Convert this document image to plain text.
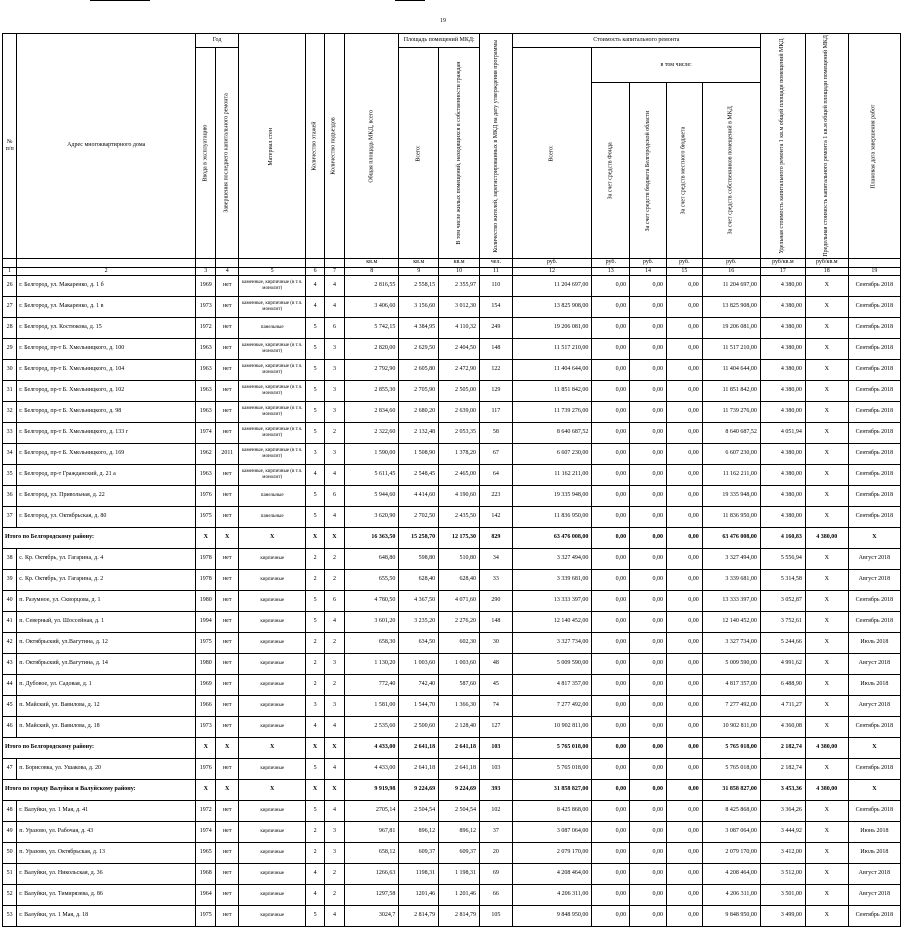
19
№ п/п	Адрес многоквартирного дома	Год		Материал стен	Количество этажей	Количество подъездов	Общая площадь МКД, всего	Площадь помещений МКД:		Количество жителей, зарегистрированных в МКД на дату утверждения программы	Стоимость капитального ремонта					Удельная стоимость капитального ремонта 1 кв.м общей площади помещений МКД	Предельная стоимость капитального ремонта 1 кв.м общей площади помещений МКД	Плановая дата завершения работ
		Ввода в эксплуатацию	Завершения последнего капитального ремонта					Всего:	В том числе жилых помещений, находящихся в собственности граждан		Всего:	в том числе:						
												За счет средств Фонда	За счет средств бюджета Белгородской области	За счет средств местного бюджета	За счет средств собственников помещений в МКД			
							кв.м	кв.м	кв.м	чел.	руб.	руб.	руб.	руб.	руб.	руб/кв.м	руб/кв.м	
1	2	3	4	5	6	7	8	9	10	11	12	13	14	15	16	17	18	19
26	г. Белгород, ул. Макаренко, д. 1 б	1969	нет	каменные, кирпичные (в т.ч. монолит)	4	4	2 816,55	2 558,15	2 355,97	110	11 204 697,00	0,00	0,00	0,00	11 204 697,00	4 380,00	X	Сентябрь 2018
27	г. Белгород, ул. Макаренко, д. 1 в	1973	нет	каменные, кирпичные (в т.ч. монолит)	4	4	3 406,60	3 156,60	3 012,30	154	13 825 908,00	0,00	0,00	0,00	13 825 908,00	4 380,00	X	Сентябрь 2018
28	г. Белгород, ул. Костюкова, д. 15	1972	нет	панельные	5	6	5 742,15	4 384,95	4 110,32	249	19 206 081,00	0,00	0,00	0,00	19 206 081,00	4 380,00	X	Сентябрь 2018
29	г. Белгород, пр-т Б. Хмельницкого, д. 100	1963	нет	каменные, кирпичные (в т.ч. монолит)	5	3	2 820,00	2 629,50	2 404,50	148	11 517 210,00	0,00	0,00	0,00	11 517 210,00	4 380,00	X	Сентябрь 2018
30	г. Белгород, пр-т Б. Хмельницкого, д. 104	1963	нет	каменные, кирпичные (в т.ч. монолит)	5	3	2 792,90	2 605,80	2 472,90	122	11 404 644,00	0,00	0,00	0,00	11 404 644,00	4 380,00	X	Сентябрь 2018
31	г. Белгород, пр-т Б. Хмельницкого, д. 102	1963	нет	каменные, кирпичные (в т.ч. монолит)	5	3	2 855,30	2 705,90	2 505,00	129	11 851 842,00	0,00	0,00	0,00	11 851 842,00	4 380,00	X	Сентябрь 2018
32	г. Белгород, пр-т Б. Хмельницкого, д. 98	1963	нет	каменные, кирпичные (в т.ч. монолит)	5	3	2 834,60	2 680,20	2 639,00	117	11 739 276,00	0,00	0,00	0,00	11 739 276,00	4 380,00	X	Сентябрь 2018
33	г. Белгород, пр-т Б. Хмельницкого, д. 133 г	1974	нет	каменные, кирпичные (в т.ч. монолит)	5	2	2 322,60	2 132,48	2 053,35	58	8 640 687,52	0,00	0,00	0,00	8 640 687,52	4 051,94	X	Сентябрь 2018
34	г. Белгород, пр-т Б. Хмельницкого, д. 169	1962	2011	каменные, кирпичные (в т.ч. монолит)	3	3	1 590,00	1 508,90	1 378,20	67	6 607 230,00	0,00	0,00	0,00	6 607 230,00	4 380,00	X	Сентябрь 2018
35	г. Белгород, пр-т Гражданский, д. 21 а	1963	нет	каменные, кирпичные (в т.ч. монолит)	4	4	5 611,45	2 548,45	2 465,00	64	11 162 211,00	0,00	0,00	0,00	11 162 211,00	4 380,00	X	Сентябрь 2018
36	г. Белгород, ул. Привольная, д. 22	1976	нет	панельные	5	6	5 944,60	4 414,60	4 190,60	223	19 335 948,00	0,00	0,00	0,00	19 335 948,00	4 380,00	X	Сентябрь 2018
37	г. Белгород, ул. Октябрьская, д. 80	1975	нет	панельные	5	4	3 620,90	2 702,50	2 435,50	142	11 836 950,00	0,00	0,00	0,00	11 836 950,00	4 380,00	X	Сентябрь 2018
Итого по Белгородскому району:		X	X	X	X	X	16 363,50	15 258,70	12 175,30	829	63 476 008,00	0,00	0,00	0,00	63 476 008,00	4 160,83	4 380,00	X
38	с. Кр. Октябрь, ул. Гагарина, д. 4	1978	нет	кирпичные	2	2	648,80	598,80	510,80	34	3 327 494,00	0,00	0,00	0,00	3 327 494,00	5 556,94	X	Август 2018
39	с. Кр. Октябрь, ул. Гагарина, д. 2	1978	нет	кирпичные	2	2	655,50	628,40	628,40	33	3 339 681,00	0,00	0,00	0,00	3 339 681,00	5 314,58	X	Август 2018
40	п. Разумное, ул. Скворцова, д. 1	1980	нет	кирпичные	5	6	4 780,50	4 367,50	4 071,60	290	13 333 397,00	0,00	0,00	0,00	13 333 397,00	3 052,87	X	Сентябрь 2018
41	п. Северный, ул. Шоссейная, д. 1	1994	нет	кирпичные	5	4	3 601,20	3 235,20	2 276,20	148	12 140 452,00	0,00	0,00	0,00	12 140 452,00	3 752,61	X	Сентябрь 2018
42	п. Октябрьский, ул.Вагутина, д. 12	1975	нет	кирпичные	2	2	658,30	634,50	602,30	30	3 327 734,00	0,00	0,00	0,00	3 327 734,00	5 244,66	X	Июль 2018
43	п. Октябрьский, ул.Вагутина, д. 14	1980	нет	кирпичные	2	3	1 130,20	1 003,60	1 003,60	48	5 009 590,00	0,00	0,00	0,00	5 009 590,00	4 991,62	X	Август 2018
44	п. Дубовое, ул. Садовая, д. 1	1969	нет	кирпичные	2	2	772,40	742,40	587,60	45	4 817 357,00	0,00	0,00	0,00	4 817 357,00	6 488,90	X	Июль 2018
45	п. Майский, ул. Вавилова, д. 12	1966	нет	кирпичные	3	3	1 581,00	1 544,70	1 366,30	74	7 277 492,00	0,00	0,00	0,00	7 277 492,00	4 711,27	X	Август 2018
46	п. Майский, ул. Вавилова, д. 18	1973	нет	кирпичные	4	4	2 535,60	2 500,60	2 128,40	127	10 902 811,00	0,00	0,00	0,00	10 902 811,00	4 360,08	X	Сентябрь 2018
Итого по Белгородскому району:		X	X	X	X	X	4 433,00	2 641,18	2 641,18	103	5 765 018,00	0,00	0,00	0,00	5 765 018,00	2 182,74	4 380,00	X
47	п. Борисовка, ул. Ушакова, д. 20	1976	нет	кирпичные	5	4	4 433,00	2 641,18	2 641,18	103	5 765 018,00	0,00	0,00	0,00	5 765 018,00	2 182,74	X	Сентябрь 2018
Итого по городу Валуйки и Валуйскому району:		X	X	X	X	X	9 919,98	9 224,69	9 224,69	393	31 858 827,00	0,00	0,00	0,00	31 858 827,00	3 453,36	4 380,00	X
48	г. Валуйки, ул. 1 Мая, д. 41	1972	нет	кирпичные	5	4	2705,14	2 504,54	2 504,54	102	8 425 868,00	0,00	0,00	0,00	8 425 868,00	3 364,26	X	Сентябрь 2018
49	п. Уразово, ул. Рабочая, д. 43	1974	нет	кирпичные	2	3	967,81	896,12	896,12	37	3 087 064,00	0,00	0,00	0,00	3 087 064,00	3 444,92	X	Июнь 2018
50	п. Уразово, ул. Октябрьская, д. 13	1965	нет	кирпичные	2	3	658,12	609,37	609,37	20	2 079 170,00	0,00	0,00	0,00	2 079 170,00	3 412,00	X	Июль 2018
51	г. Валуйки, ул. Никольская, д. 36	1968	нет	кирпичные	4	2	1266,63	1198,31	1 198,31	69	4 208 464,00	0,00	0,00	0,00	4 208 464,00	3 512,00	X	Август 2018
52	г. Валуйки, ул. Тимирязева, д. 86	1964	нет	кирпичные	4	2	1297,58	1201,46	1 201,46	66	4 206 311,00	0,00	0,00	0,00	4 206 311,00	3 501,00	X	Август 2018
53	г. Валуйки, ул. 1 Мая, д. 18	1975	нет	кирпичные	5	4	3024,7	2 814,79	2 814,79	105	9 848 950,00	0,00	0,00	0,00	9 848 950,00	3 499,00	X	Сентябрь 2018
